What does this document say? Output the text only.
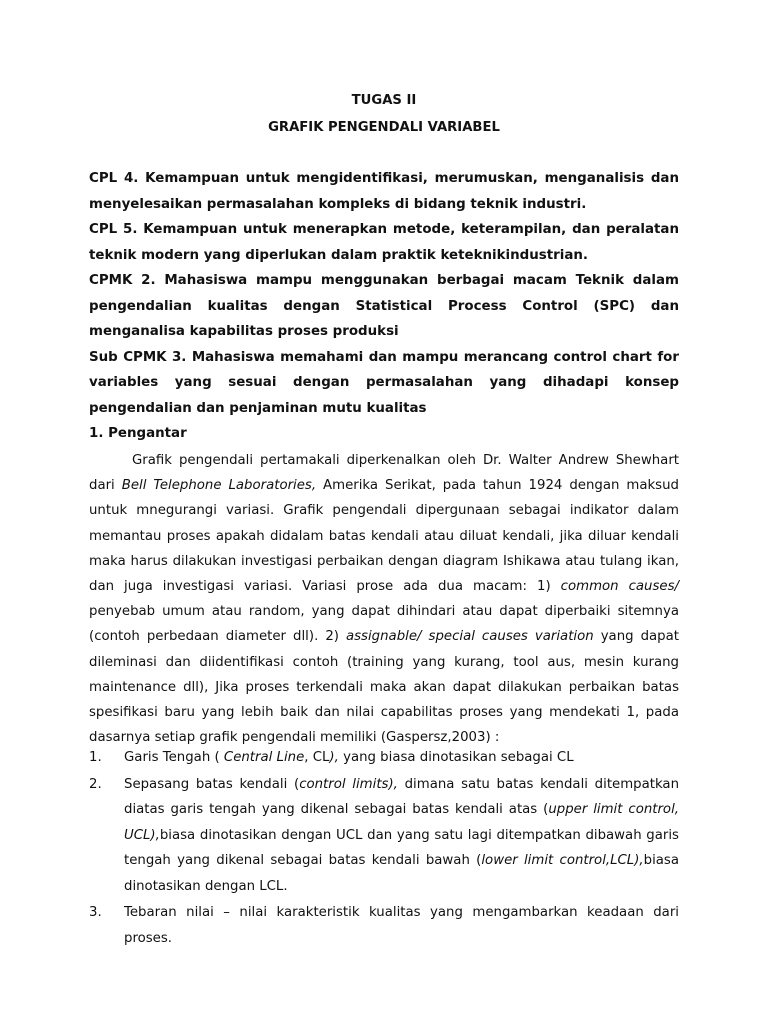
TUGAS II
GRAFIK PENGENDALI VARIABEL
CPL 4. Kemampuan untuk mengidentifikasi, merumuskan, menganalisis dan menyelesaikan permasalahan kompleks di bidang teknik industri.
CPL 5. Kemampuan untuk menerapkan metode, keterampilan, dan peralatan teknik modern yang diperlukan dalam praktik keteknikindustrian.
CPMK 2. Mahasiswa mampu menggunakan berbagai macam Teknik dalam pengendalian kualitas dengan Statistical Process Control (SPC) dan menganalisa kapabilitas proses produksi
Sub CPMK 3. Mahasiswa memahami dan mampu merancang control chart for variables yang sesuai dengan permasalahan yang dihadapi konsep pengendalian dan penjaminan mutu kualitas
1. Pengantar
Grafik pengendali pertamakali diperkenalkan oleh Dr. Walter Andrew Shewhart dari Bell Telephone Laboratories, Amerika Serikat, pada tahun 1924 dengan maksud untuk mnegurangi variasi. Grafik pengendali dipergunaan sebagai indikator dalam memantau proses apakah didalam batas kendali atau diluat kendali, jika diluar kendali maka harus dilakukan investigasi perbaikan dengan diagram Ishikawa atau tulang ikan, dan juga investigasi variasi. Variasi prose ada dua macam: 1) common causes/ penyebab umum atau random, yang dapat dihindari atau dapat diperbaiki sitemnya (contoh perbedaan diameter dll). 2) assignable/ special causes variation yang dapat dileminasi dan diidentifikasi contoh (training yang kurang, tool aus, mesin kurang maintenance dll), Jika proses terkendali maka akan dapat dilakukan perbaikan batas spesifikasi baru yang lebih baik dan nilai capabilitas proses yang mendekati 1, pada dasarnya setiap grafik pengendali memiliki (Gaspersz,2003) :
1. Garis Tengah ( Central Line, CL), yang biasa dinotasikan sebagai CL
2. Sepasang batas kendali (control limits), dimana satu batas kendali ditempatkan diatas garis tengah yang dikenal sebagai batas kendali atas (upper limit control, UCL),biasa dinotasikan dengan UCL dan yang satu lagi ditempatkan dibawah garis tengah yang dikenal sebagai batas kendali bawah (lower limit control,LCL),biasa dinotasikan dengan LCL.
3. Tebaran nilai – nilai karakteristik kualitas yang mengambarkan keadaan dari proses.
